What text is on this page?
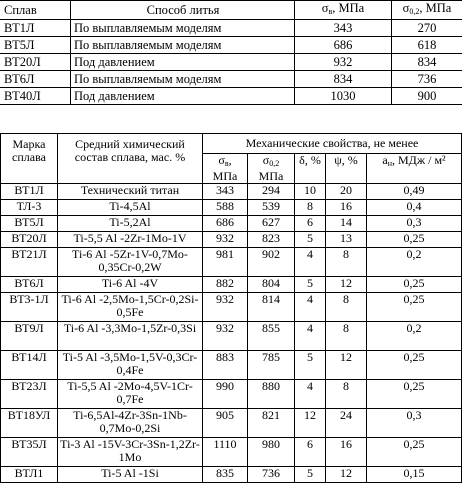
Сплав	Способ литья	$\sigma_в$, МПа	$\sigma_{0,2}$, МПа
ВТ1Л	По выплавляемым моделям	343	270
ВТ5Л	По выплавляемым моделям	686	618
ВТ20Л	Под давлением	932	834
ВТ6Л	По выплавляемым моделям	834	736
ВТ40Л	Под давлением	1030	900
Марка сплава	Средний химический состав сплава, мас. %	Механические свойства, не менее				
		$\sigma_в$, МПа	$\sigma_{0,2}$ МПа	δ, %	ψ, %	$a_н$, МДж / м²
ВТ1Л	Технический титан	343	294	10	20	0,49
ТЛ-3	Ti-4,5Al	588	539	8	16	0,4
ВТ5Л	Ti-5,2Al	686	627	6	14	0,3
ВТ20Л	Ti-5,5 Al -2Zr-1Mo-1V	932	823	5	13	0,25
ВТ21Л	Ti-6 Al -5Zr-1V-0,7Mo-0,35Cr-0,2W	981	902	4	8	0,2
ВТ6Л	Ti-6 Al -4V	882	804	5	12	0,25
ВТ3-1Л	Ti-6 Al -2,5Mo-1,5Cr-0,2Si-0,5Fe	932	814	4	8	0,25
ВТ9Л	Ti-6 Al -3,3Mo-1,5Zr-0,3Si	932	855	4	8	0,2
ВТ14Л	Ti-5 Al -3,5Mo-1,5V-0,3Cr-0,4Fe	883	785	5	12	0,25
ВТ23Л	Ti-5,5 Al -2Mo-4,5V-1Cr-0,7Fe	990	880	4	8	0,25
ВТ18УЛ	Ti-6,5Al-4Zr-3Sn-1Nb-0,7Mo-0,2Si	905	821	12	24	0,3
ВТ35Л	Ti-3 Al -15V-3Cr-3Sn-1,2Zr-1Mo	1110	980	6	16	0,25
ВТЛ1	Ti-5 Al -1Si	835	736	5	12	0,15
